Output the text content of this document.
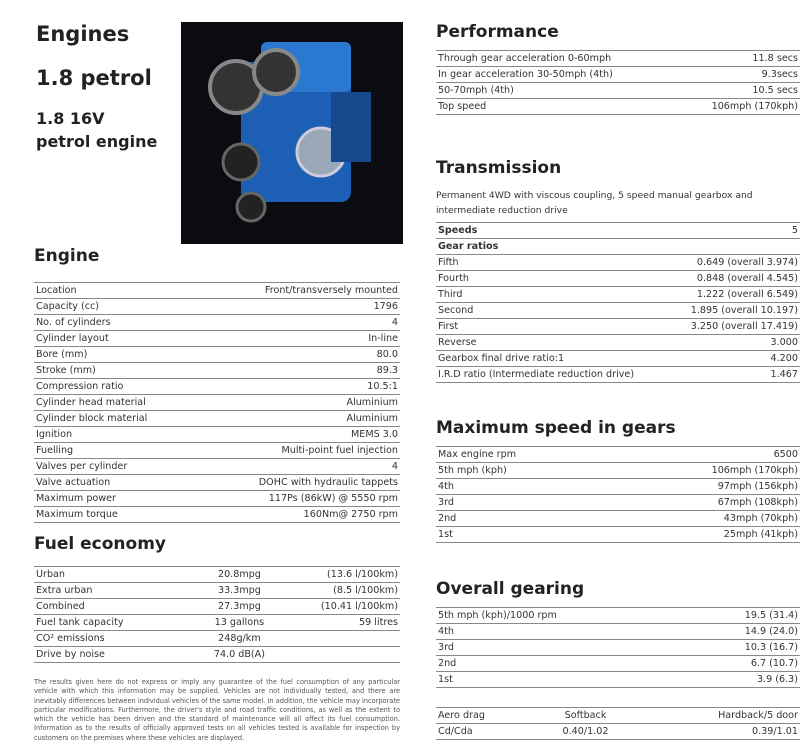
Engines
1.8 petrol
1.8 16V
petrol engine
Engine
Location	Front/transversely mounted
Capacity (cc)	1796
No. of cylinders	4
Cylinder layout	In-line
Bore (mm)	80.0
Stroke (mm)	89.3
Compression ratio	10.5:1
Cylinder head material	Aluminium
Cylinder block material	Aluminium
Ignition	MEMS 3.0
Fuelling	Multi-point fuel injection
Valves per cylinder	4
Valve actuation	DOHC with hydraulic tappets
Maximum power	117Ps (86kW) @ 5550 rpm
Maximum torque	160Nm@ 2750 rpm
Fuel economy
Urban	20.8mpg	(13.6 l/100km)
Extra urban	33.3mpg	(8.5 l/100km)
Combined	27.3mpg	(10.41 l/100km)
Fuel tank capacity	13 gallons	59 litres
CO² emissions	248g/km	
Drive by noise	74.0 dB(A)	

The results given here do not express or imply any guarantee of the fuel consumption of any particular vehicle with which this information may be supplied. Vehicles are not individually tested, and there are inevitably differences between individual vehicles of the same model. In addition, the vehicle may incorporate particular modifications. Furthermore, the driver's style and road traffic conditions, as well as the extent to which the vehicle has been driven and the standard of maintenance will all affect its fuel consumption. Information as to the results of officially approved tests on all vehicles tested is available for inspection by customers on the premises where these vehicles are displayed.

Performance
Through gear acceleration 0-60mph	11.8 secs
In gear acceleration 30-50mph (4th)	9.3secs
50-70mph (4th)	10.5 secs
Top speed	106mph (170kph)
Transmission

Permanent 4WD with viscous coupling, 5 speed manual gearbox and intermediate reduction drive

Speeds	5
Gear ratios	
Fifth	0.649 (overall 3.974)
Fourth	0.848 (overall 4.545)
Third	1.222 (overall 6.549)
Second	1.895 (overall 10.197)
First	3.250 (overall 17.419)
Reverse	3.000
Gearbox final drive ratio:1	4.200
I.R.D ratio (Intermediate reduction drive)	1.467
Maximum speed in gears
Max engine rpm	6500
5th mph (kph)	106mph (170kph)
4th	97mph (156kph)
3rd	67mph (108kph)
2nd	43mph (70kph)
1st	25mph (41kph)
Overall gearing
5th mph (kph)/1000 rpm	19.5 (31.4)
4th	14.9 (24.0)
3rd	10.3 (16.7)
2nd	6.7 (10.7)
1st	3.9 (6.3)
Aero drag	Softback	Hardback/5 door
Cd/Cda	0.40/1.02	0.39/1.01
